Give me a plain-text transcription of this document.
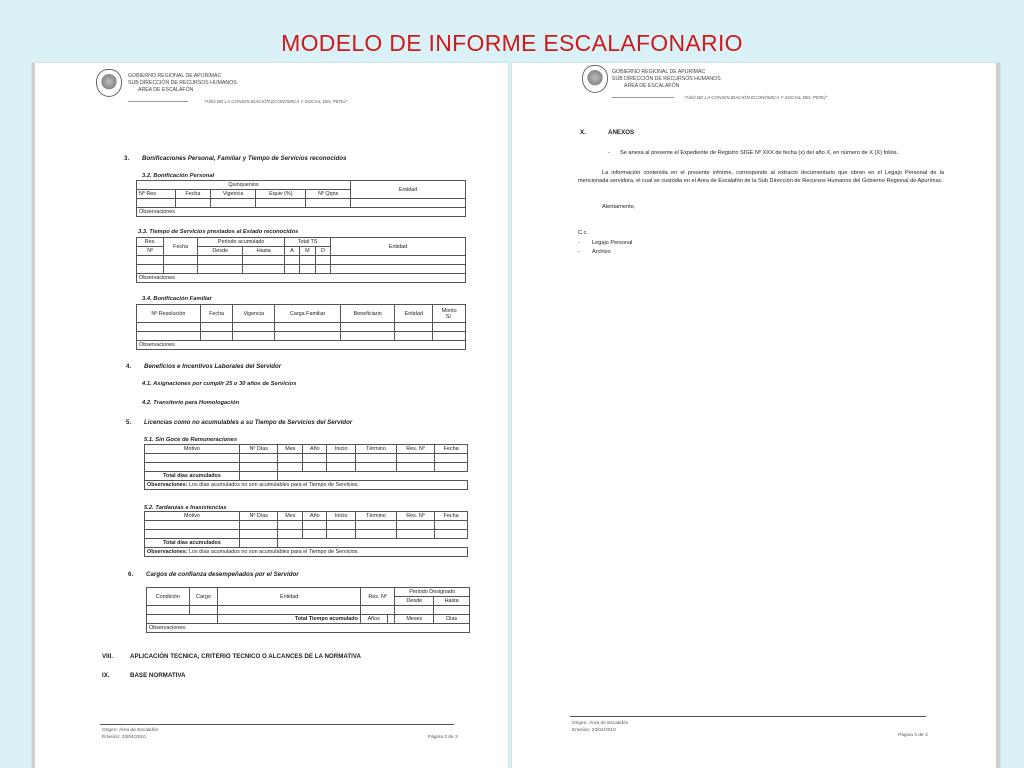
MODELO DE INFORME ESCALAFONARIO
GOBIERNO REGIONAL DE APURIMAC
SUB DIRECCIÓN DE RECURSOS HUMANOS
AREA DE ESCALAFÓN
"AÑO DE LA CONSOLIDACIÓN ECONÓMICA Y SOCIAL DEL PERÚ"
3. Bonificaciones Personal, Familiar y Tiempo de Servicios reconocidos
3.2. Bonificación Personal
Quinquenios					Entidad
Nº Res	Fecha	Vigencia	Equiv (%)	Nº Qqns	

Observaciones					
3.3. Tiempo de Servicios prestados al Estado reconocidos
Res.	Fecha	Periodo acumulado		Total TS			Entidad
Nº		Desde	Hasta	A	M	D	

Observaciones							
3.4. Bonificación Familiar
Nº Resolución	Fecha	Vigencia	Carga Familiar	Beneficiario	Entidad	Monto
S/.

Observaciones						
4. Beneficios e Incentivos Laborales del Servidor
4.1. Asignaciones por cumplir 25 o 30 años de Servicios
4.2. Transitorio para Homologación
5. Licencias como no acumulables a su Tiempo de Servicios del Servidor
5.1. Sin Goce de Remuneraciones
Motivo	Nº Días	Mes	Año	Inicio	Término	Res. Nº	Fecha

Total días acumulados							
Observaciones: Los días acumulados no son acumulables para el Tiempo de Servicios.							
5.2. Tardanzas e Inasistencias
Motivo	Nº Días	Mes	Año	Inicio	Término	Res. Nº	Fecha

Total días acumulados							
Observaciones: Los días acumulados no son acumulables para el Tiempo de Servicios.							
6. Cargos de confianza desempeñados por el Servidor
Condición	Cargo	Entidad	Res. Nº		Periodo Designado	
					Desde	Hasta

		Total Tiempo acumulado	Años		Meses	Días
Observaciones:						
VIII.	APLICACIÓN TECNICA, CRITERIO TECNICO O ALCANCES DE LA NORMATIVA
IX.	BASE NORMATIVA
Origen: Área de Escalafón
Emisión: 23/04/2010	Página 3 de 3
GOBIERNO REGIONAL DE APURIMAC
SUB DIRECCIÓN DE RECURSOS HUMANOS
AREA DE ESCALAFÓN
"AÑO DE LA CONSOLIDACIÓN ECONÓMICA Y SOCIAL DEL PERÚ"
X.	ANEXOS
- Se anexa al presente el Expediente de Registro SIGE Nº XXX de fecha (x) del año X, en número de X (X) folios.
La información contenida en el presente informe, corresponde al extracto documentario que obran en el Legajo Personal de la mencionada servidora, el cual se custodia en el Area de Escalafón de la Sub Dirección de Recursos Humanos del Gobierno Regional de Apurímac.
Atentamente,
C.c.
- Legajo Personal
- Archivo
Origen: Área de Escalafón
Emisión: 23/04/2010
Página 4 de 3
